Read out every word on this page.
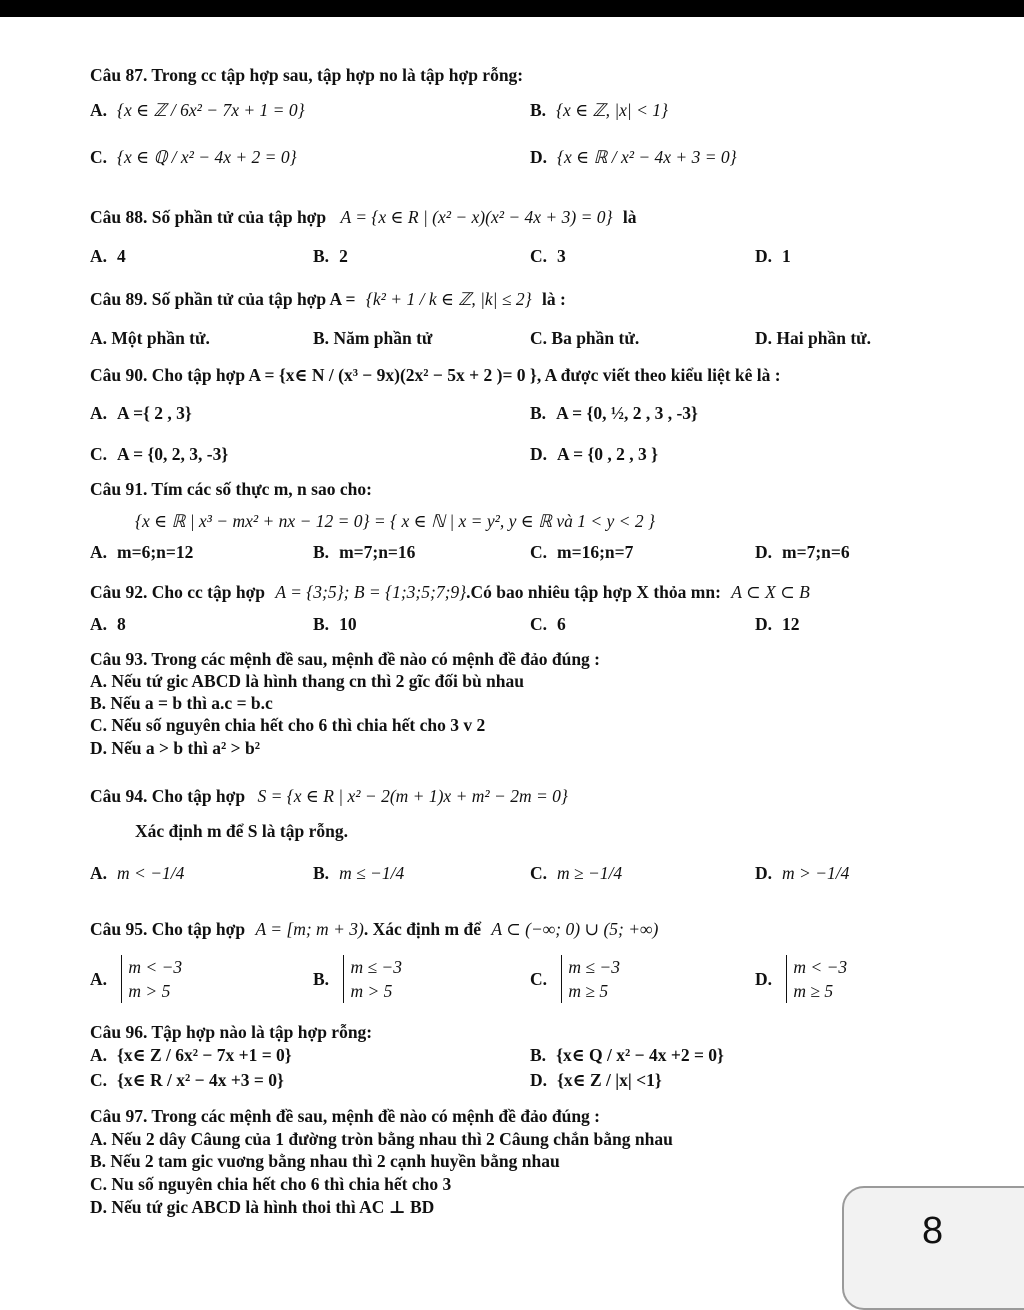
Câu 87. Trong cc tập hợp sau, tập hợp no là tập hợp rỗng:
A. {x ∈ ℤ / 6x² − 7x + 1 = 0}	B. {x ∈ ℤ, |x| < 1}
C. {x ∈ ℚ / x² − 4x + 2 = 0}	D. {x ∈ ℝ / x² − 4x + 3 = 0}
Câu 88. Số phần tử của tập hợp A = {x ∈ R | (x² − x)(x² − 4x + 3) = 0} là
A. 4	B. 2	C. 3	D. 1
Câu 89. Số phần tử của tập hợp A = {k² + 1 / k ∈ ℤ, |k| ≤ 2} là :
A. Một phần tử.	B. Năm phần tử	C. Ba phần tử.	D. Hai phần tử.
Câu 90. Cho tập hợp A = {x∈ N / (x³ − 9x)(2x² − 5x + 2 )= 0 }, A được viết theo kiểu liệt kê là :
A. A ={ 2 , 3}	B. A = {0, ½, 2 , 3 , -3}
C. A = {0, 2, 3, -3}	D. A = {0 , 2 , 3 }
Câu 91. Tím các số thực m, n sao cho:
{x ∈ ℝ | x³ − mx² + nx − 12 = 0} = { x ∈ ℕ | x = y², y ∈ ℝ và 1 < y < 2 }
A. m=6;n=12	B. m=7;n=16	C. m=16;n=7	D. m=7;n=6
Câu 92. Cho cc tập hợp A = {3;5}; B = {1;3;5;7;9}.Có bao nhiêu tập hợp X thỏa mn: A ⊂ X ⊂ B
A. 8	B. 10	C. 6	D. 12
Câu 93. Trong các mệnh đề sau, mệnh đề nào có mệnh đề đảo đúng :
A. Nếu tứ gic ABCD là hình thang cn thì 2 gĩc đối bù nhau
B. Nếu a = b thì a.c = b.c
C. Nếu số nguyên chia hết cho 6 thì chia hết cho 3 v 2
D. Nếu a > b thì a² > b²
Câu 94. Cho tập hợp S = {x ∈ R | x² − 2(m + 1)x + m² − 2m = 0}
Xác định m để S là tập rỗng.
A. m < −1/4	B. m ≤ −1/4	C. m ≥ −1/4	D. m > −1/4
Câu 95. Cho tập hợp A = [m; m + 3). Xác định m để A ⊂ (−∞; 0) ∪ (5; +∞)
A.
m < −3
m > 5
B.
m ≤ −3
m > 5
C.
m ≤ −3
m ≥ 5
D.
m < −3
m ≥ 5
Câu 96. Tập hợp nào là tập hợp rỗng:
A. {x∈ Z / 6x² − 7x +1 = 0}	B. {x∈ Q / x² − 4x +2 = 0}
C. {x∈ R / x² − 4x +3 = 0}	D. {x∈ Z / |x| <1}
Câu 97. Trong các mệnh đề sau, mệnh đề nào có mệnh đề đảo đúng :
A. Nếu 2 dây Câung của 1 đường tròn bằng nhau thì 2 Câung chắn bằng nhau
B. Nếu 2 tam gic vuơng bằng nhau thì 2 cạnh huyền bằng nhau
C. Nu số nguyên chia hết cho 6 thì chia hết cho 3
D. Nếu tứ gic ABCD là hình thoi thì AC ⊥ BD
8
